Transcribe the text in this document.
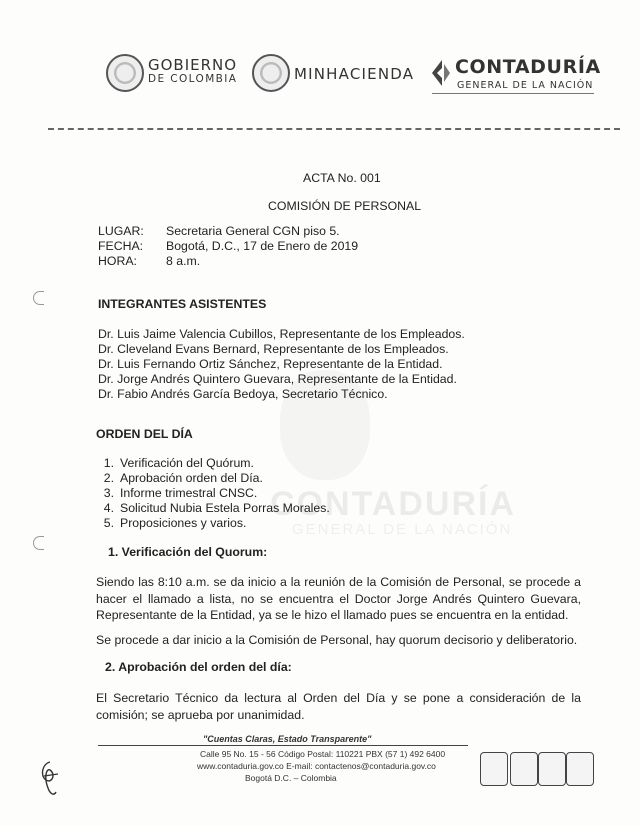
GOBIERNO
DE COLOMBIA	MINHACIENDA CONTADURÍA
GENERAL DE LA NACIÓN
CONTADURÍA
GENERAL DE LA NACIÓN
ACTA No. 001
COMISIÓN DE PERSONAL
LUGAR: Secretaria General CGN piso 5.
FECHA: Bogotá, D.C., 17 de Enero de 2019
HORA: 8 a.m.
INTEGRANTES ASISTENTES
Dr. Luis Jaime Valencia Cubillos, Representante de los Empleados.
Dr. Cleveland Evans Bernard, Representante de los Empleados.
Dr. Luis Fernando Ortiz Sánchez, Representante de la Entidad.
Dr. Jorge Andrés Quintero Guevara, Representante de la Entidad.
Dr. Fabio Andrés García Bedoya, Secretario Técnico.
ORDEN DEL DÍA
1. Verificación del Quórum.
2. Aprobación orden del Día.
3. Informe trimestral CNSC.
4. Solicitud Nubia Estela Porras Morales.
5. Proposiciones y varios.
1. Verificación del Quorum:
Siendo las 8:10 a.m. se da inicio a la reunión de la Comisión de Personal, se procede a
hacer el llamado a lista, no se encuentra el Doctor Jorge Andrés Quintero Guevara,
Representante de la Entidad, ya se le hizo el llamado pues se encuentra en la entidad.
Se procede a dar inicio a la Comisión de Personal, hay quorum decisorio y deliberatorio.
2. Aprobación del orden del día:
El Secretario Técnico da lectura al Orden del Día y se pone a consideración de la
comisión; se aprueba por unanimidad.
"Cuentas Claras, Estado Transparente"
Calle 95 No. 15 - 56 Código Postal: 110221 PBX (57 1) 492 6400
www.contaduria.gov.co E-mail: contactenos@contaduria.gov.co
Bogotá D.C. – Colombia
